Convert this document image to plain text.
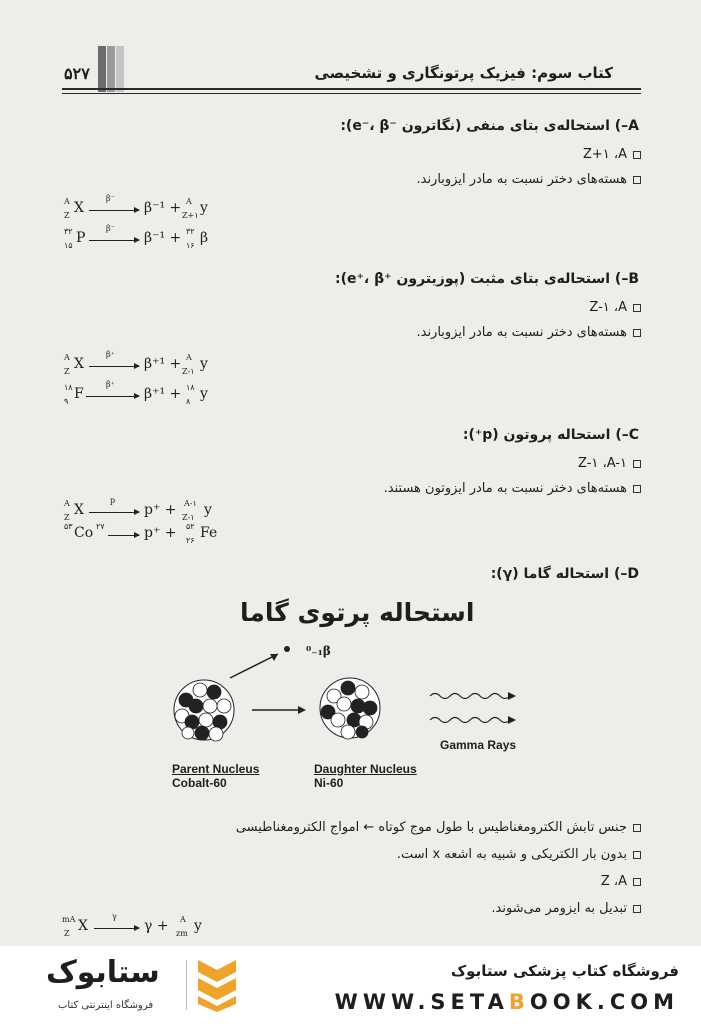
۵۲۷	کتاب سوم: فیزیک پرتونگاری و تشخیصی
A–) استحاله‌ی بتای منفی (نگاترون ‎e⁻‎، ‎β⁻‎):
Z+۱ ،A
هسته‌های دختر نسبت به مادر ایزوبارند.
A
Z X
β⁻
β⁻¹ + A
Z+۱ y
۳۲
۱۵ P
β⁻
β⁻¹ + ۳۲
۱۶ β
B–) استحاله‌ی بتای مثبت (پوزیترون ‎e⁺‎، ‎β⁺‎):
Z-۱ ،A
هسته‌های دختر نسبت به مادر ایزوبارند.
A
Z X
β⁺
β⁺¹ + A
Z-۱ y
۱۸
۹ F
β⁺
β⁺¹ + ۱۸
۸ y
C–) استحاله پروتون (p⁺):
Z-۱ ،A-۱
هسته‌های دختر نسبت به مادر ایزوتون هستند.
A
Z X
p
p⁺ + A-۱
Z-۱ y
۵۳ Co ۲۷	p⁺ + ۵۲
۲۶ Fe
D–) استحاله گاما (γ):
استحاله پرتوی گاما
⁰₋₁β
Gamma Rays
Parent Nucleus
Cobalt-60
Daughter Nucleus
Ni-60
جنس تابش الکترومغناطیس با طول موج کوتاه ← امواج الکترومغناطیسی
بدون بار الکتریکی و شبیه به اشعه x است.
Z ،A
تبدیل به ایزومر می‌شوند.
mA
Z X
γ
γ + A
zm y
ستابوک
فروشگاه اینترنتی کتاب
فروشگاه کتاب پزشکی ستابوک
WWW.SETABOOK.COM
